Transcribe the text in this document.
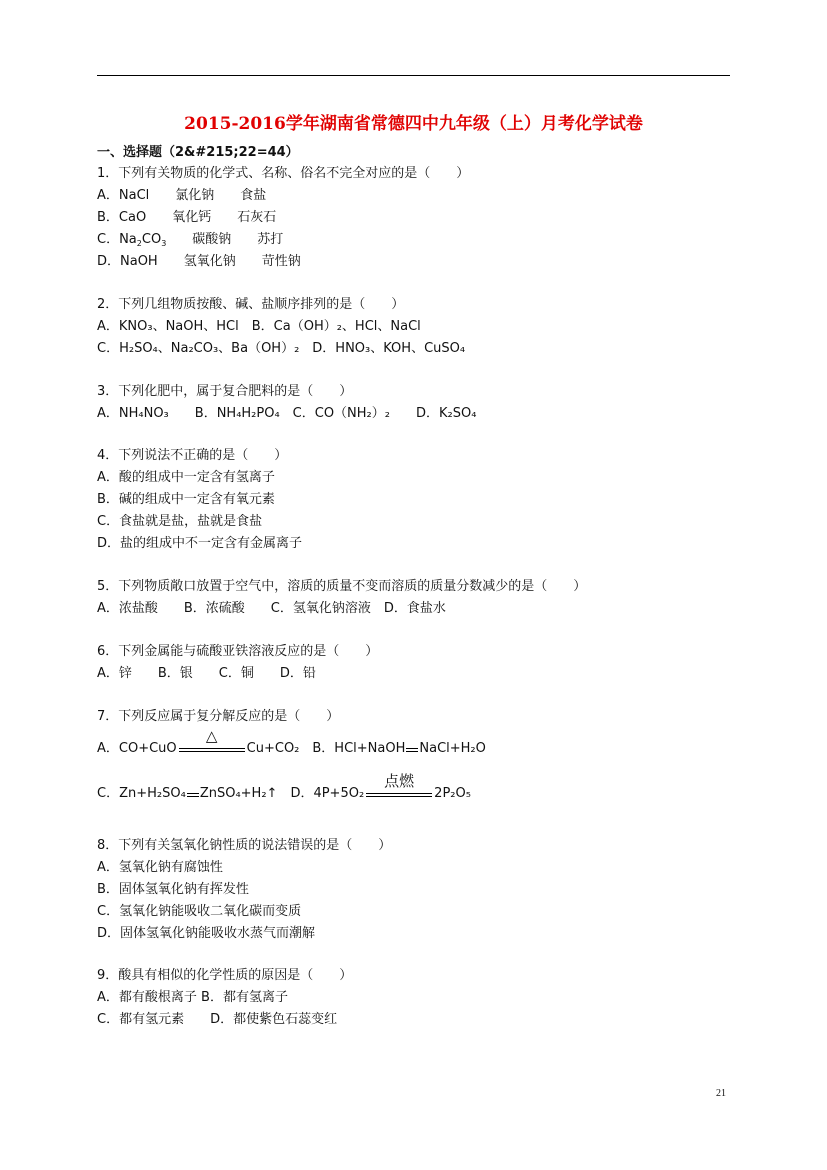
2015-2016学年湖南省常德四中九年级（上）月考化学试卷
一、选择题（2&#215;22=44）
1．下列有关物质的化学式、名称、俗名不完全对应的是（　　）
A．NaCl　　氯化钠　　食盐
B．CaO　　氧化钙　　石灰石
C．$Na_2CO_3$　　碳酸钠　　苏打
D．NaOH　　氢氧化钠　　苛性钠
2．下列几组物质按酸、碱、盐顺序排列的是（　　）
A．KNO₃、NaOH、HCl　B．Ca（OH）₂、HCl、NaCl
C．H₂SO₄、Na₂CO₃、Ba（OH）₂　D．HNO₃、KOH、CuSO₄
3．下列化肥中，属于复合肥料的是（　　）
A．NH₄NO₃　　B．NH₄H₂PO₄　C．CO（NH₂）₂　　D．K₂SO₄
4．下列说法不正确的是（　　）
A．酸的组成中一定含有氢离子
B．碱的组成中一定含有氧元素
C．食盐就是盐，盐就是食盐
D．盐的组成中不一定含有金属离子
5．下列物质敞口放置于空气中，溶质的质量不变而溶质的质量分数减少的是（　　）
A．浓盐酸　　B．浓硫酸　　C．氢氧化钠溶液　D．食盐水
6．下列金属能与硫酸亚铁溶液反应的是（　　）
A．锌　　B．银　　C．铜　　D．铅
7．下列反应属于复分解反应的是（　　）
A．CO+CuO
△
Cu+CO₂　B．HCl+NaOH NaCl+H₂O
C．Zn+H₂SO₄ ZnSO₄+H₂↑　D．4P+5O₂
点燃
2P₂O₅
8．下列有关氢氧化钠性质的说法错误的是（　　）
A．氢氧化钠有腐蚀性
B．固体氢氧化钠有挥发性
C．氢氧化钠能吸收二氧化碳而变质
D．固体氢氧化钠能吸收水蒸气而潮解
9．酸具有相似的化学性质的原因是（　　）
A．都有酸根离子 B．都有氢离子
C．都有氢元素　　D．都使紫色石蕊变红
21
